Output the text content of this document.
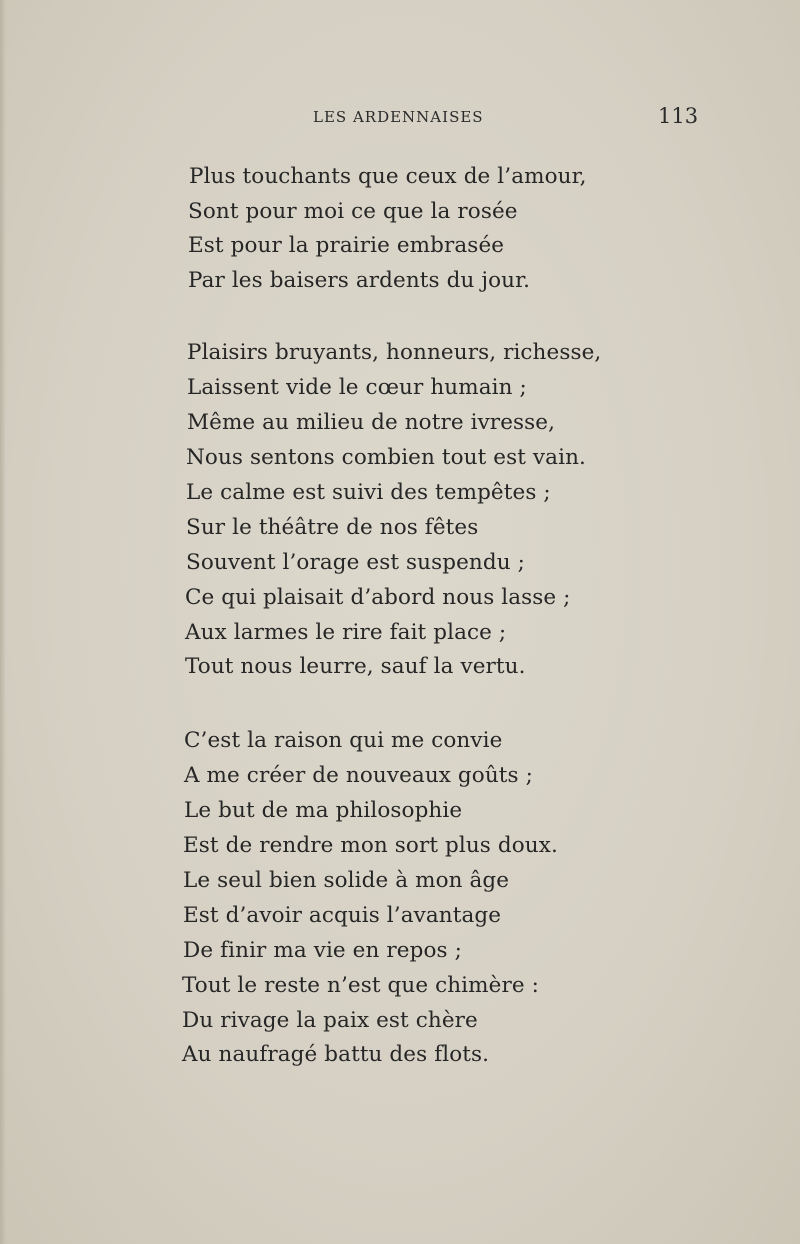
LES ARDENNAISES	113
Plus touchants que ceux de l’amour,
Sont pour moi ce que la rosée
Est pour la prairie embrasée
Par les baisers ardents du jour.
Plaisirs bruyants, honneurs, richesse,
Laissent vide le cœur humain ;
Même au milieu de notre ivresse,
Nous sentons combien tout est vain.
Le calme est suivi des tempêtes ;
Sur le théâtre de nos fêtes
Souvent l’orage est suspendu ;
Ce qui plaisait d’abord nous lasse ;
Aux larmes le rire fait place ;
Tout nous leurre, sauf la vertu.
C’est la raison qui me convie
A me créer de nouveaux goûts ;
Le but de ma philosophie
Est de rendre mon sort plus doux.
Le seul bien solide à mon âge
Est d’avoir acquis l’avantage
De finir ma vie en repos ;
Tout le reste n’est que chimère :
Du rivage la paix est chère
Au naufragé battu des flots.
